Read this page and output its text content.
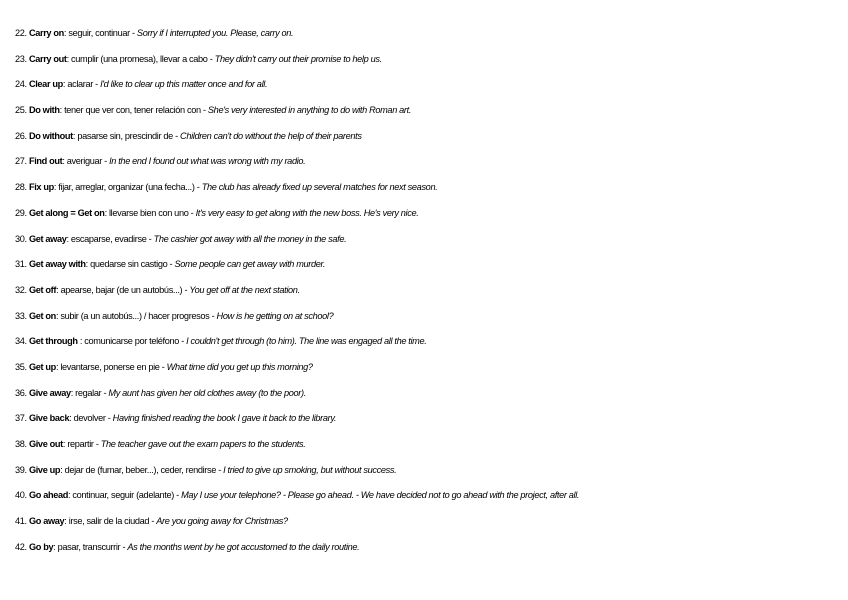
22. Carry on: seguir, continuar - Sorry if I interrupted you. Please, carry on.
23. Carry out: cumplir (una promesa), llevar a cabo - They didn't carry out their promise to help us.
24. Clear up: aclarar - I'd like to clear up this matter once and for all.
25. Do with: tener que ver con, tener relación con - She's very interested in anything to do with Roman art.
26. Do without: pasarse sin, prescindir de - Children can't do without the help of their parents
27. Find out: averiguar - In the end I found out what was wrong with my radio.
28. Fix up: fijar, arreglar, organizar (una fecha...) - The club has already fixed up several matches for next season.
29. Get along = Get on: llevarse bien con uno - It's very easy to get along with the new boss. He's very nice.
30. Get away: escaparse, evadirse - The cashier got away with all the money in the safe.
31. Get away with: quedarse sin castigo - Some people can get away with murder.
32. Get off: apearse, bajar (de un autobús...) - You get off at the next station.
33. Get on: subir (a un autobús...) / hacer progresos - How is he getting on at school?
34. Get through : comunicarse por teléfono - I couldn't get through (to him). The line was engaged all the time.
35. Get up: levantarse, ponerse en pie - What time did you get up this morning?
36. Give away: regalar - My aunt has given her old clothes away (to the poor).
37. Give back: devolver - Having finished reading the book I gave it back to the library.
38. Give out: repartir - The teacher gave out the exam papers to the students.
39. Give up: dejar de (fumar, beber...), ceder, rendirse - I tried to give up smoking, but without success.
40. Go ahead: continuar, seguir (adelante) - May I use your telephone? - Please go ahead. - We have decided not to go ahead with the project, after all.
41. Go away: irse, salir de la ciudad - Are you going away for Christmas?
42. Go by: pasar, transcurrir - As the months went by he got accustomed to the daily routine.
